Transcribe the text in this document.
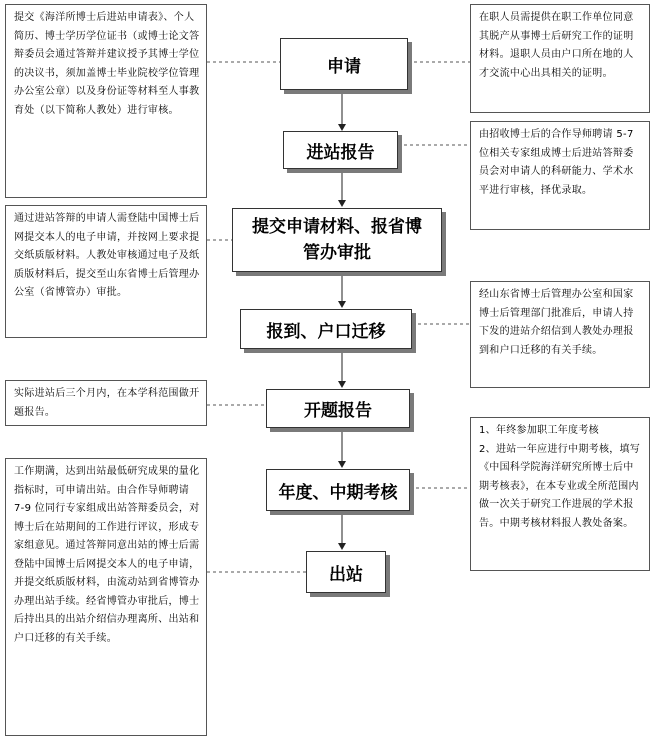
提交《海洋所博士后进站申请表》、个人简历、博士学历学位证书（或博士论文答辩委员会通过答辩并建议授予其博士学位的决议书，须加盖博士毕业院校学位管理办公室公章）以及身份证等材料至人事教育处（以下简称人教处）进行审核。
通过进站答辩的申请人需登陆中国博士后网提交本人的电子申请，并按网上要求提交纸质版材料。人教处审核通过电子及纸质版材料后，提交至山东省博士后管理办公室（省博管办）审批。
实际进站后三个月内，在本学科范围做开题报告。
工作期满，达到出站最低研究成果的量化指标时，可申请出站。由合作导师聘请 7-9 位同行专家组成出站答辩委员会，对博士后在站期间的工作进行评议，形成专家组意见。通过答辩同意出站的博士后需登陆中国博士后网提交本人的电子申请，并提交纸质版材料，由流动站到省博管办办理出站手续。经省博管办审批后，博士后持出具的出站介绍信办理离所、出站和户口迁移的有关手续。
在职人员需提供在职工作单位同意其脱产从事博士后研究工作的证明材料。退职人员由户口所在地的人才交流中心出具相关的证明。
由招收博士后的合作导师聘请 5-7 位相关专家组成博士后进站答辩委员会对申请人的科研能力、学术水平进行审核，择优录取。
经山东省博士后管理办公室和国家博士后管理部门批准后，申请人持下发的进站介绍信到人教处办理报到和户口迁移的有关手续。
1、年终参加职工年度考核
2、进站一年应进行中期考核，填写《中国科学院海洋研究所博士后中期考核表》，在本专业或全所范围内做一次关于研究工作进展的学术报告。中期考核材料报人教处备案。
申请
进站报告
提交申请材料、报省博管办审批
报到、户口迁移
开题报告
年度、中期考核
出站
